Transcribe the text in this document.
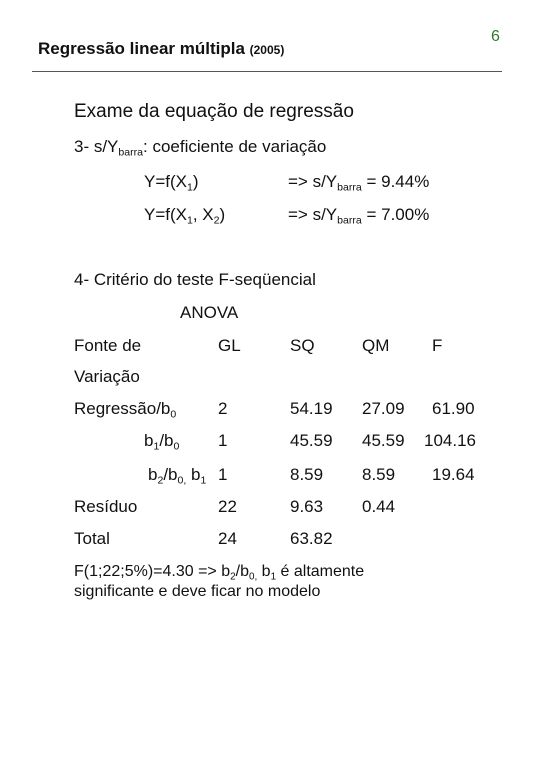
6
Regressão linear múltipla (2005)
Exame da equação de regressão
3- $s/Y_{barra}$: coeficiente de variação
$Y=f(X_1)$	=> $s/Y_{barra} = 9.44\%$
$Y=f(X_1$, $X_2$)	=> $s/Y_{barra} = 7.00\%$
4- Critério do teste F-seqüencial
ANOVA
Fonte de	GL	SQ	QM	F
Variação
Regressão/$b_0$ 2	54.19 27.09 61.90
$b_1/b_0$ 1	45.59 45.59 104.16
$b_2/b_{0,}$ $b_1$ 1	8.59 8.59 19.64
Resíduo	22	9.63 0.44
Total	24	63.82
F(1;22;5%)=4.30 => $b_2/b_{0,}$ $b_1$ é altamente
significante e deve ficar no modelo
